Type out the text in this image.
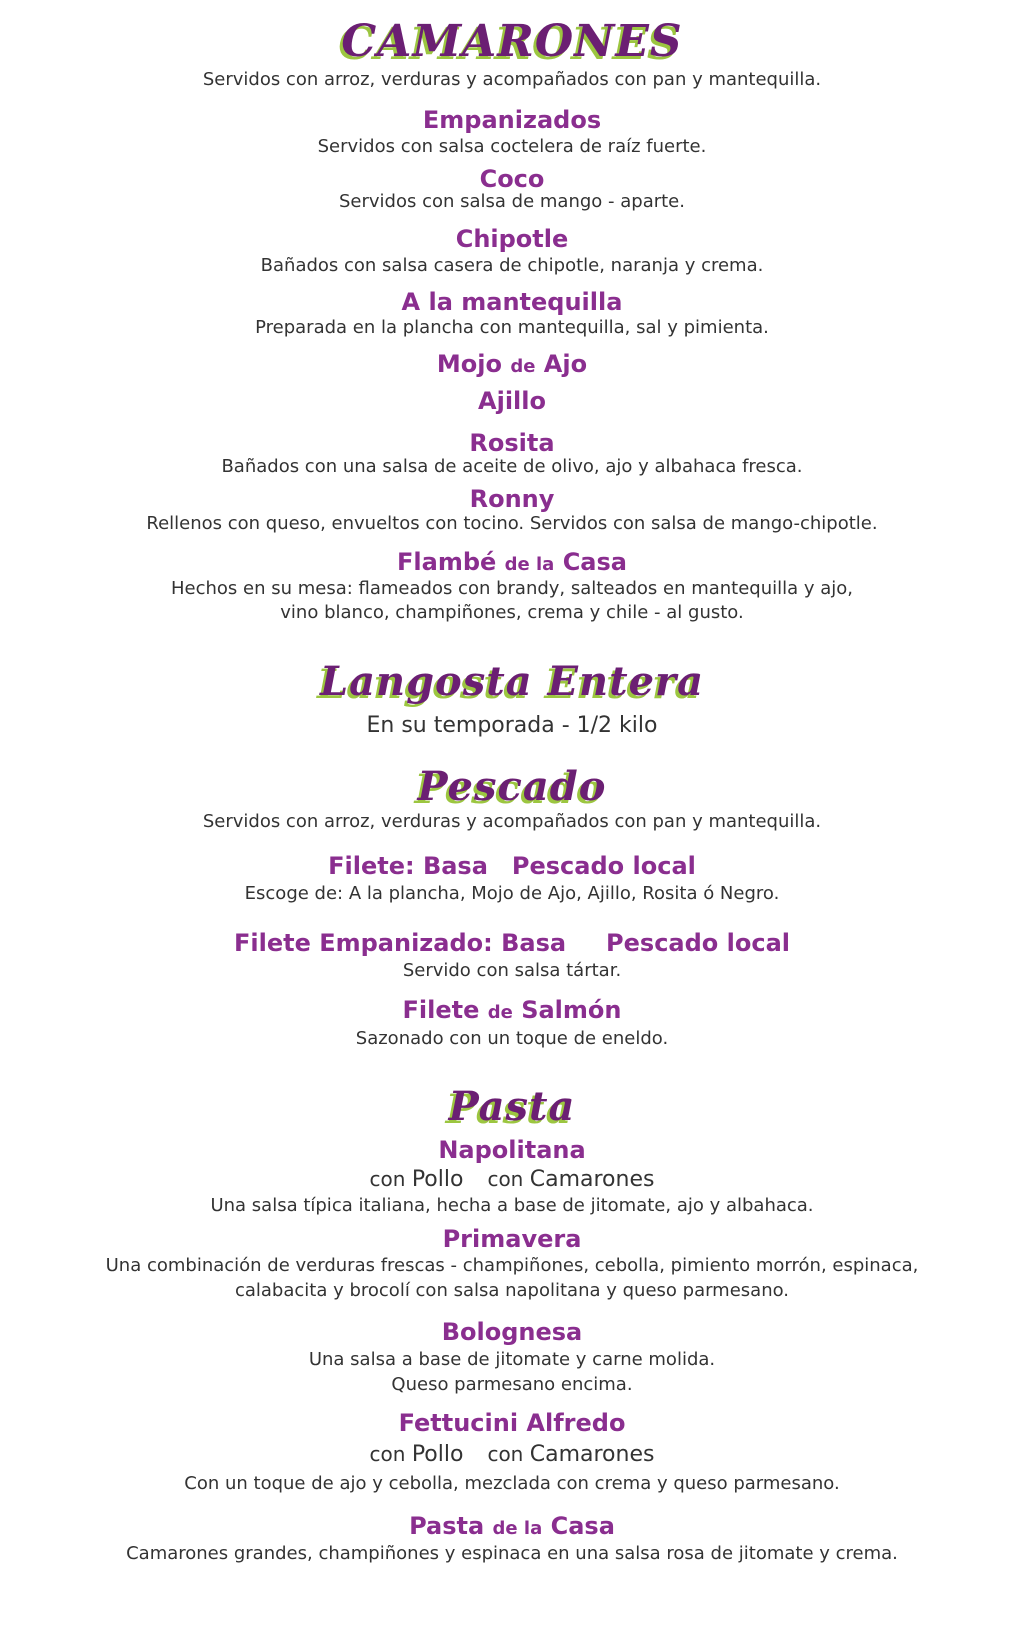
CAMARONES
Servidos con arroz, verduras y acompañados con pan y mantequilla.
Empanizados
Servidos con salsa coctelera de raíz fuerte.
Coco
Servidos con salsa de mango - aparte.
Chipotle
Bañados con salsa casera de chipotle, naranja y crema.
A la mantequilla
Preparada en la plancha con mantequilla, sal y pimienta.
Mojo de Ajo
Ajillo
Rosita
Bañados con una salsa de aceite de olivo, ajo y albahaca fresca.
Ronny
Rellenos con queso, envueltos con tocino. Servidos con salsa de mango-chipotle.
Flambé de la Casa
Hechos en su mesa: flameados con brandy, salteados en mantequilla y ajo,
vino blanco, champiñones, crema y chile - al gusto.
Langosta Entera
En su temporada - 1/2 kilo
Pescado
Servidos con arroz, verduras y acompañados con pan y mantequilla.
Filete: Basa Pescado local
Escoge de: A la plancha, Mojo de Ajo, Ajillo, Rosita ó Negro.
Filete Empanizado: Basa Pescado local
Servido con salsa tártar.
Filete de Salmón
Sazonado con un toque de eneldo.
Pasta
Napolitana
con Pollo con Camarones
Una salsa típica italiana, hecha a base de jitomate, ajo y albahaca.
Primavera
Una combinación de verduras frescas - champiñones, cebolla, pimiento morrón, espinaca,
calabacita y brocolí con salsa napolitana y queso parmesano.
Bolognesa
Una salsa a base de jitomate y carne molida.
Queso parmesano encima.
Fettucini Alfredo
con Pollo con Camarones
Con un toque de ajo y cebolla, mezclada con crema y queso parmesano.
Pasta de la Casa
Camarones grandes, champiñones y espinaca en una salsa rosa de jitomate y crema.
